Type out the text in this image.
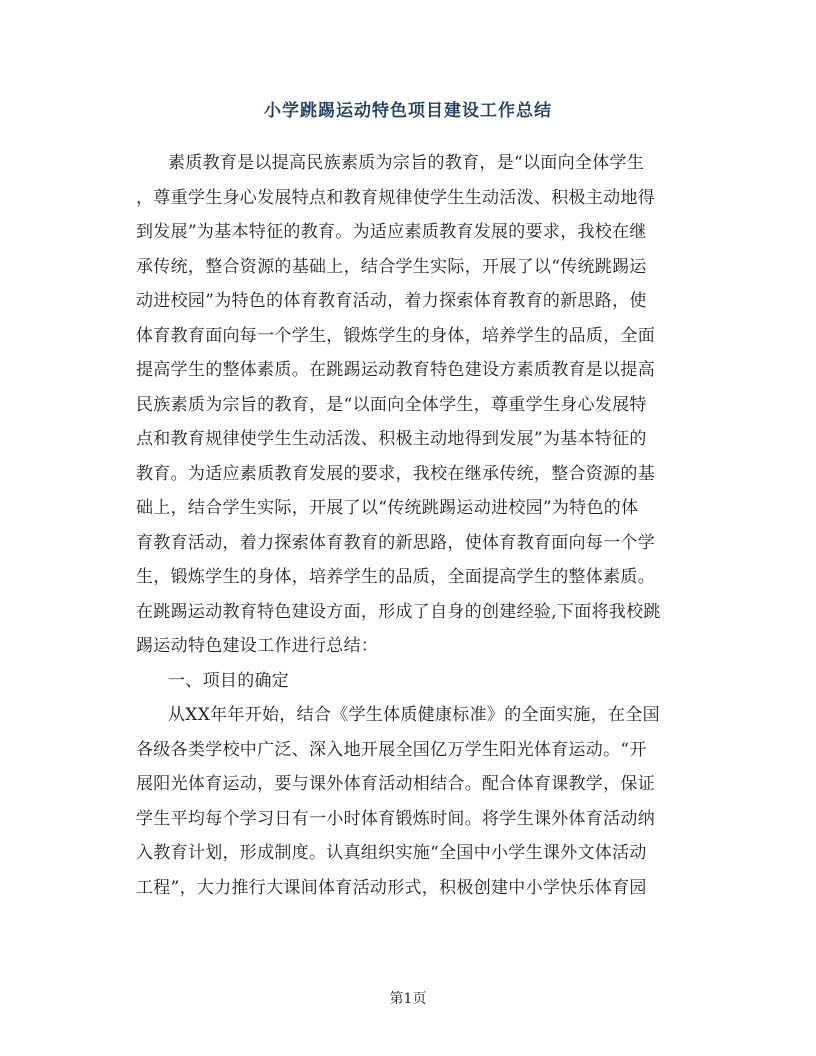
小学跳踢运动特色项目建设工作总结
素质教育是以提高民族素质为宗旨的教育，是“以面向全体学生
，尊重学生身心发展特点和教育规律使学生生动活泼、积极主动地得
到发展”为基本特征的教育。为适应素质教育发展的要求，我校在继
承传统，整合资源的基础上，结合学生实际，开展了以“传统跳踢运
动进校园”为特色的体育教育活动，着力探索体育教育的新思路，使
体育教育面向每一个学生，锻炼学生的身体，培养学生的品质，全面
提高学生的整体素质。在跳踢运动教育特色建设方素质教育是以提高
民族素质为宗旨的教育，是“以面向全体学生，尊重学生身心发展特
点和教育规律使学生生动活泼、积极主动地得到发展”为基本特征的
教育。为适应素质教育发展的要求，我校在继承传统，整合资源的基
础上，结合学生实际，开展了以“传统跳踢运动进校园”为特色的体
育教育活动，着力探索体育教育的新思路，使体育教育面向每一个学
生，锻炼学生的身体，培养学生的品质，全面提高学生的整体素质。
在跳踢运动教育特色建设方面，形成了自身的创建经验,下面将我校跳
踢运动特色建设工作进行总结：
一、项目的确定
从XX年年开始，结合《学生体质健康标准》的全面实施，在全国
各级各类学校中广泛、深入地开展全国亿万学生阳光体育运动。“开
展阳光体育运动，要与课外体育活动相结合。配合体育课教学，保证
学生平均每个学习日有一小时体育锻炼时间。将学生课外体育活动纳
入教育计划，形成制度。认真组织实施“全国中小学生课外文体活动
工程”，大力推行大课间体育活动形式，积极创建中小学快乐体育园
第1页
